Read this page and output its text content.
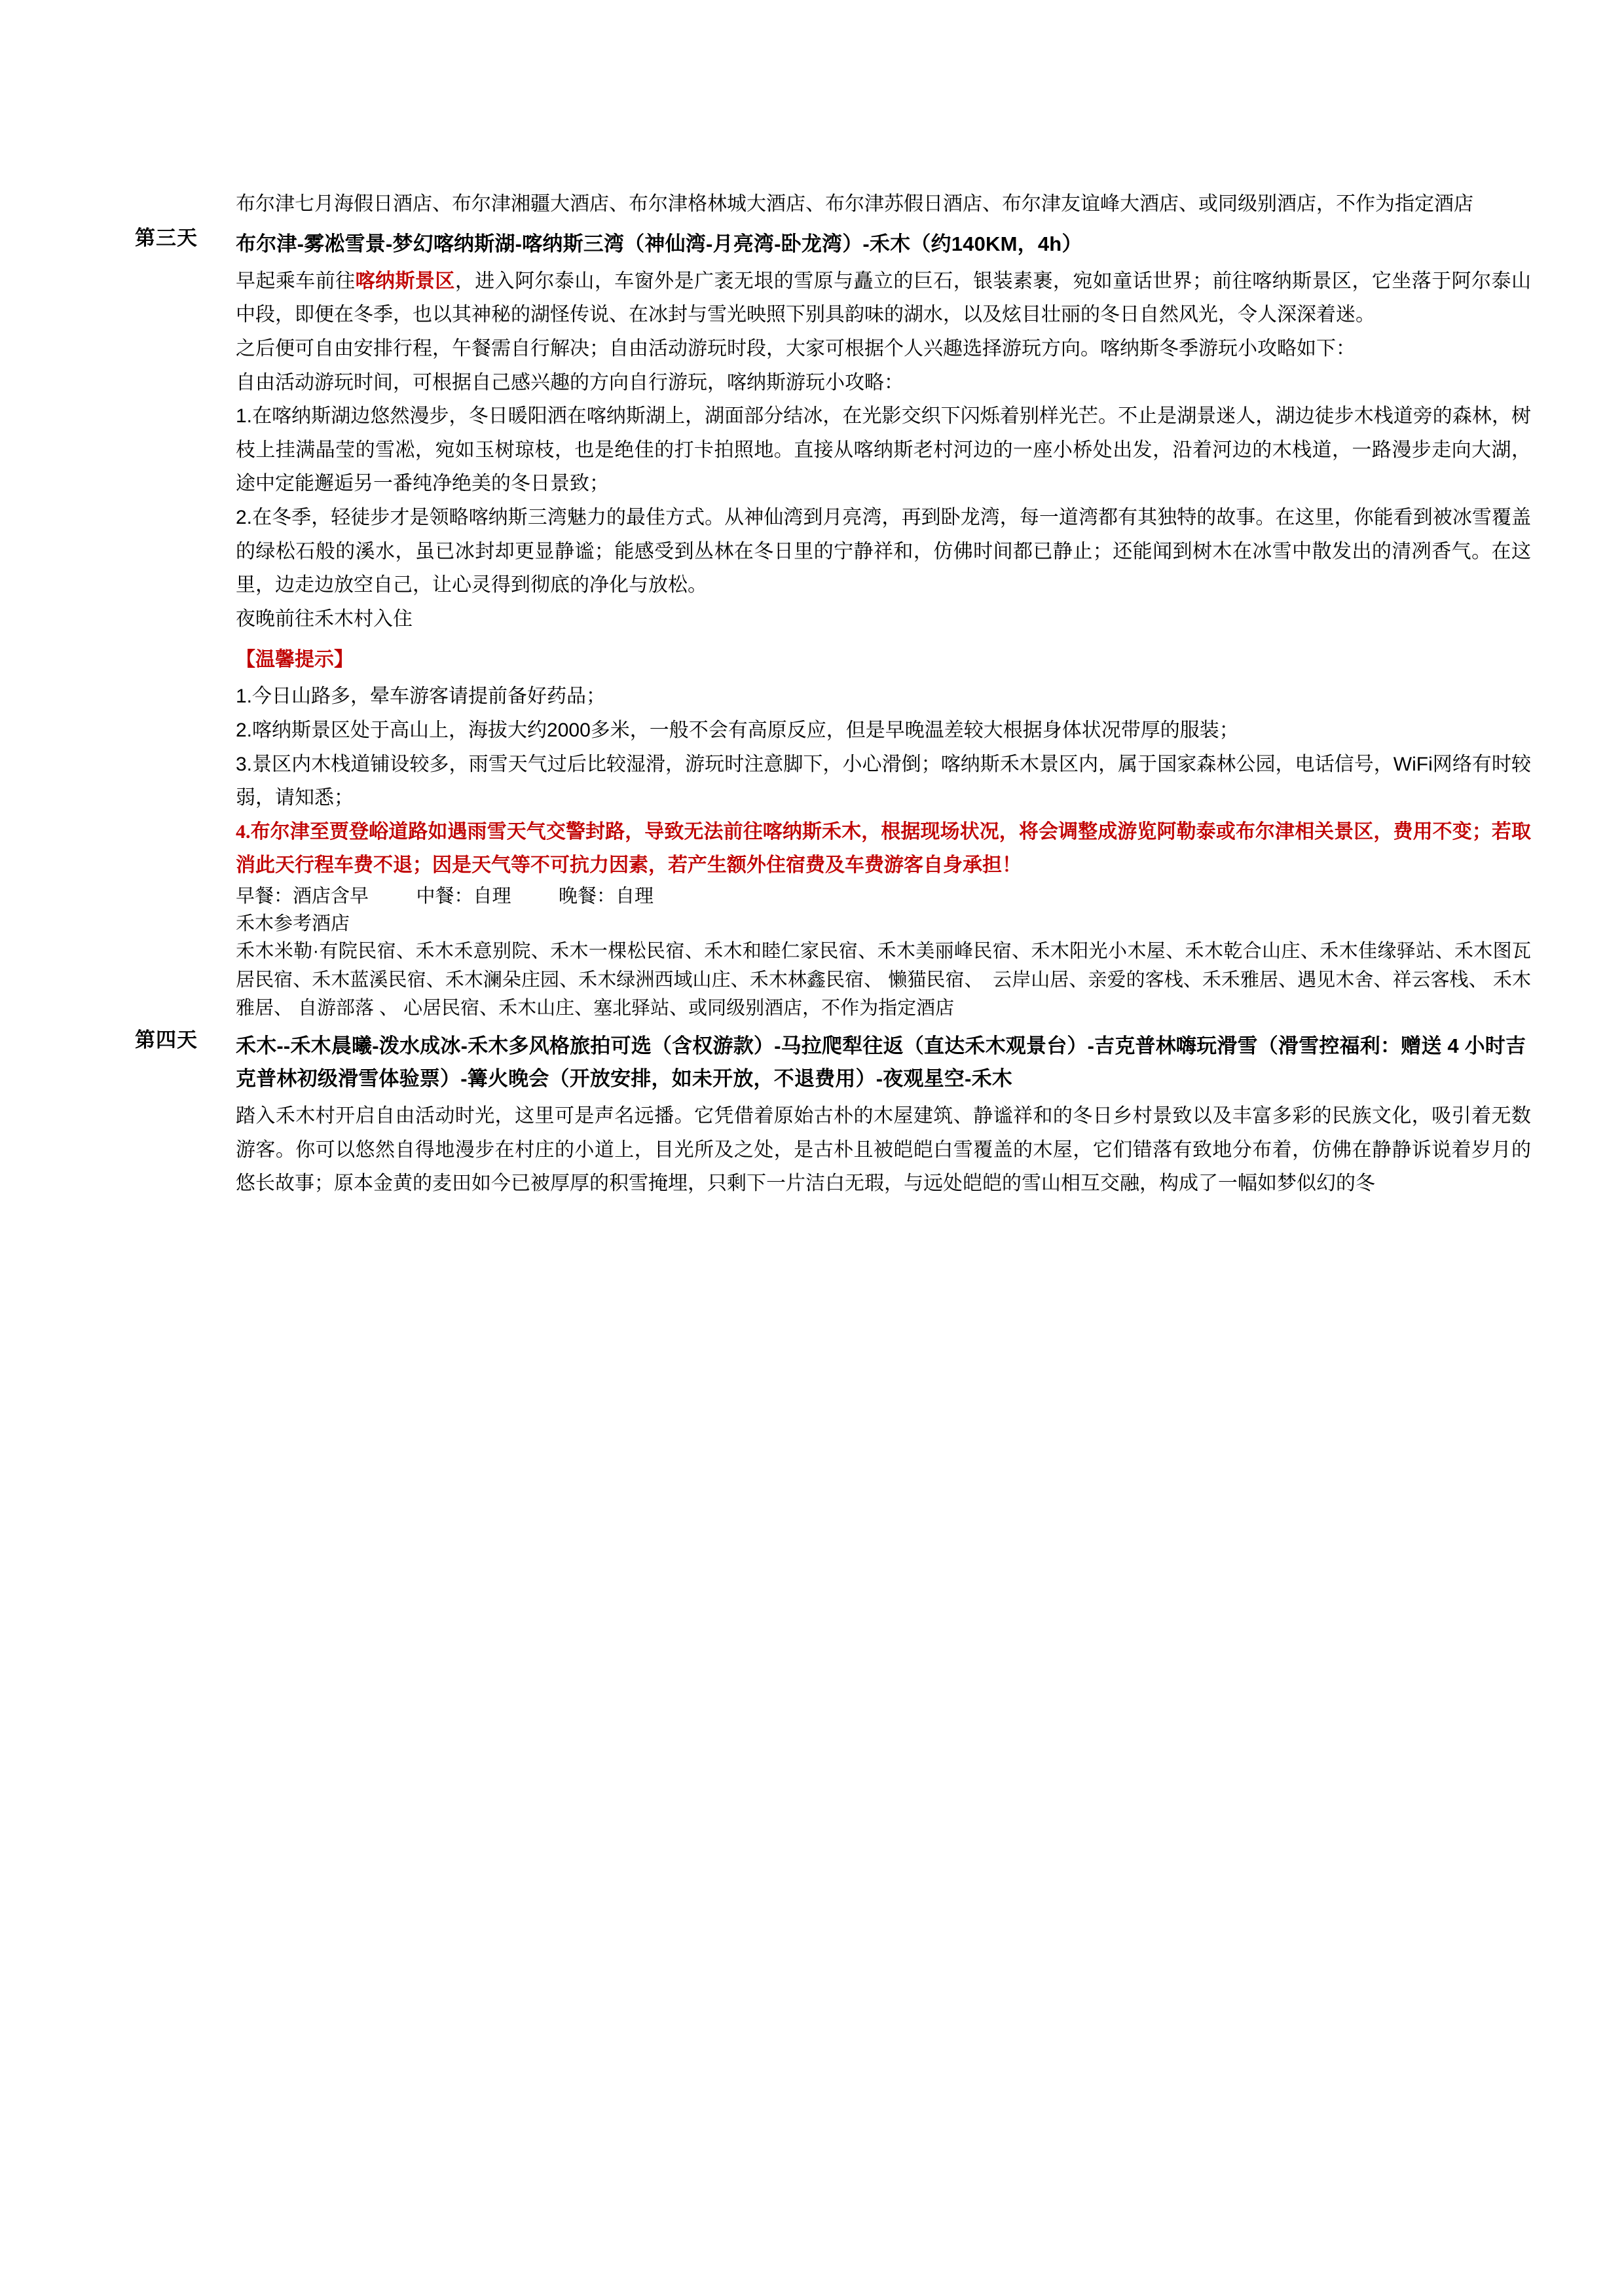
	布尔津七月海假日酒店、布尔津湘疆大酒店、布尔津格林城大酒店、布尔津苏假日酒店、布尔津友谊峰大酒店、或同级别酒店，不作为指定酒店

第三天	布尔津-雾凇雪景-梦幻喀纳斯湖-喀纳斯三湾（神仙湾-月亮湾-卧龙湾）-禾木（约140KM，4h）

早起乘车前往喀纳斯景区，进入阿尔泰山，车窗外是广袤无垠的雪原与矗立的巨石，银装素裹，宛如童话世界；前往喀纳斯景区，它坐落于阿尔泰山中段，即便在冬季，也以其神秘的湖怪传说、在冰封与雪光映照下别具韵味的湖水，以及炫目壮丽的冬日自然风光，令人深深着迷。

之后便可自由安排行程，午餐需自行解决；自由活动游玩时段，大家可根据个人兴趣选择游玩方向。喀纳斯冬季游玩小攻略如下：

自由活动游玩时间，可根据自己感兴趣的方向自行游玩，喀纳斯游玩小攻略：

1.在喀纳斯湖边悠然漫步，冬日暖阳洒在喀纳斯湖上，湖面部分结冰，在光影交织下闪烁着别样光芒。不止是湖景迷人，湖边徒步木栈道旁的森林，树枝上挂满晶莹的雪凇，宛如玉树琼枝，也是绝佳的打卡拍照地。直接从喀纳斯老村河边的一座小桥处出发，沿着河边的木栈道，一路漫步走向大湖，途中定能邂逅另一番纯净绝美的冬日景致；

2.在冬季，轻徒步才是领略喀纳斯三湾魅力的最佳方式。从神仙湾到月亮湾，再到卧龙湾，每一道湾都有其独特的故事。在这里，你能看到被冰雪覆盖的绿松石般的溪水，虽已冰封却更显静谧；能感受到丛林在冬日里的宁静祥和，仿佛时间都已静止；还能闻到树木在冰雪中散发出的清冽香气。在这里，边走边放空自己，让心灵得到彻底的净化与放松。

夜晚前往禾木村入住

【温馨提示】

1.今日山路多，晕车游客请提前备好药品；

2.喀纳斯景区处于高山上，海拔大约2000多米，一般不会有高原反应，但是早晚温差较大根据身体状况带厚的服装；

3.景区内木栈道铺设较多，雨雪天气过后比较湿滑，游玩时注意脚下，小心滑倒；喀纳斯禾木景区内，属于国家森林公园，电话信号，WiFi网络有时较弱，请知悉；

4.布尔津至贾登峪道路如遇雨雪天气交警封路，导致无法前往喀纳斯禾木，根据现场状况，将会调整成游览阿勒泰或布尔津相关景区，费用不变；若取消此天行程车费不退；因是天气等不可抗力因素，若产生额外住宿费及车费游客自身承担！

	早餐：酒店含早         中餐：自理         晚餐：自理

禾木参考酒店

禾木米勒·有院民宿、禾木禾意别院、禾木一棵松民宿、禾木和睦仁家民宿、禾木美丽峰民宿、禾木阳光小木屋、禾木乾合山庄、禾木佳缘驿站、禾木图瓦居民宿、禾木蓝溪民宿、禾木澜朵庄园、禾木绿洲西域山庄、禾木林鑫民宿、 懒猫民宿、　云岸山居、亲爱的客栈、禾禾雅居、遇见木舍、祥云客栈、 禾木雅居、 自游部落 、 心居民宿、禾木山庄、塞北驿站、或同级别酒店，不作为指定酒店

第四天	禾木--禾木晨曦-泼水成冰-禾木多风格旅拍可选（含权游款）-马拉爬犁往返（直达禾木观景台）-吉克普林嗨玩滑雪（滑雪控福利：赠送 4 小时吉克普林初级滑雪体验票）-篝火晚会（开放安排，如未开放，不退费用）-夜观星空-禾木

踏入禾木村开启自由活动时光，这里可是声名远播。它凭借着原始古朴的木屋建筑、静谧祥和的冬日乡村景致以及丰富多彩的民族文化，吸引着无数游客。你可以悠然自得地漫步在村庄的小道上，目光所及之处，是古朴且被皑皑白雪覆盖的木屋，它们错落有致地分布着，仿佛在静静诉说着岁月的悠长故事；原本金黄的麦田如今已被厚厚的积雪掩埋，只剩下一片洁白无瑕，与远处皑皑的雪山相互交融，构成了一幅如梦似幻的冬
